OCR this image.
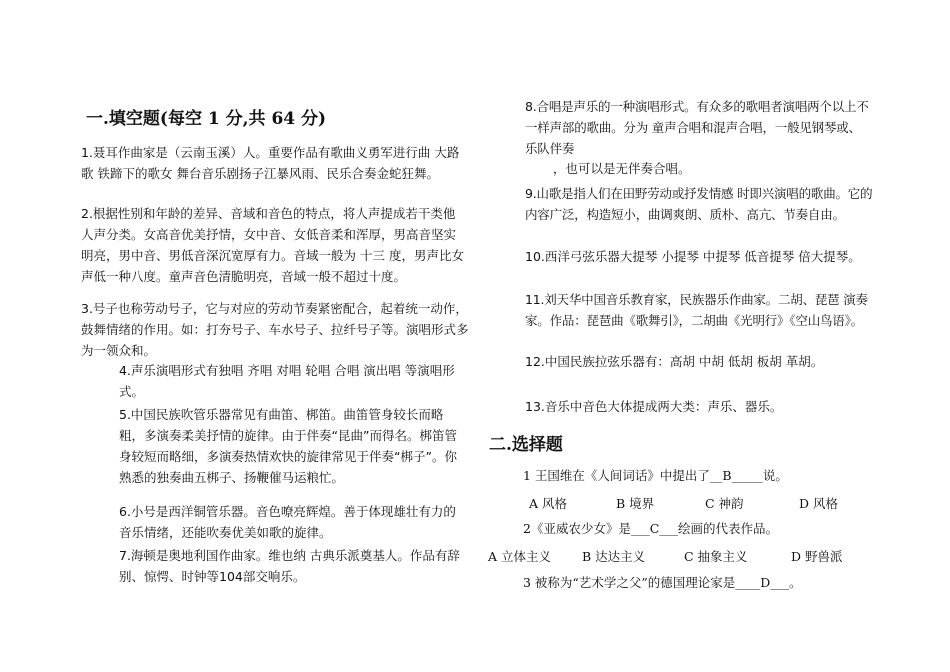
一.填空题(每空 1 分,共 64 分)
1.聂耳作曲家是（云南玉溪）人。重要作品有歌曲义勇军进行曲 大路歌 铁蹄下的歌女 舞台音乐剧扬子江暴风雨、民乐合奏金蛇狂舞。
2.根据性别和年龄的差异、音域和音色的特点，将人声提成若干类他人声分类。女高音优美抒情，女中音、女低音柔和浑厚，男高音坚实明亮，男中音、男低音深沉宽厚有力。音域一般为 十三 度，男声比女声低一种八度。童声音色清脆明亮，音域一般不超过十度。
3.号子也称劳动号子，它与对应的劳动节奏紧密配合，起着统一动作，鼓舞情绪的作用。如：打夯号子、车水号子、拉纤号子等。演唱形式多为一领众和。
4.声乐演唱形式有独唱 齐唱 对唱 轮唱 合唱 演出唱 等演唱形式。
5.中国民族吹管乐器常见有曲笛、梆笛。曲笛管身较长而略粗，多演奏柔美抒情的旋律。由于伴奏“昆曲”而得名。梆笛管身较短而略细，多演奏热情欢快的旋律常见于伴奏“梆子”。你熟悉的独奏曲五梆子、扬鞭催马运粮忙。
6.小号是西洋铜管乐器。音色嘹亮辉煌。善于体现雄壮有力的音乐情绪，还能吹奏优美如歌的旋律。
7.海顿是奥地利国作曲家。维也纳 古典乐派奠基人。作品有辞别、惊愕、时钟等104部交响乐。
8.合唱是声乐的一种演唱形式。有众多的歌唱者演唱两个以上不一样声部的歌曲。分为 童声合唱和混声合唱，一般见钢琴或、乐队伴奏
，也可以是无伴奏合唱。
9.山歌是指人们在田野劳动或抒发情感 时即兴演唱的歌曲。它的内容广泛，构造短小，曲调爽朗、质朴、高亢、节奏自由。
10.西洋弓弦乐器大提琴 小提琴 中提琴 低音提琴 倍大提琴。
11.刘天华中国音乐教育家，民族器乐作曲家。二胡、琵琶 演奏家。作品：琵琶曲《歌舞引》，二胡曲《光明行》《空山鸟语》。
12.中国民族拉弦乐器有：高胡 中胡 低胡 板胡 革胡。
13.音乐中音色大体提成两大类：声乐、器乐。
二.选择题
1 王国维在《人间词话》中提出了__B_____说。
A 风格	B 境界	C 神韵	D 风格
2《亚威农少女》是___C___绘画的代表作品。
A 立体主义 B 达达主义	C 抽象主义	D 野兽派
3 被称为“艺术学之父”的德国理论家是____D___。
